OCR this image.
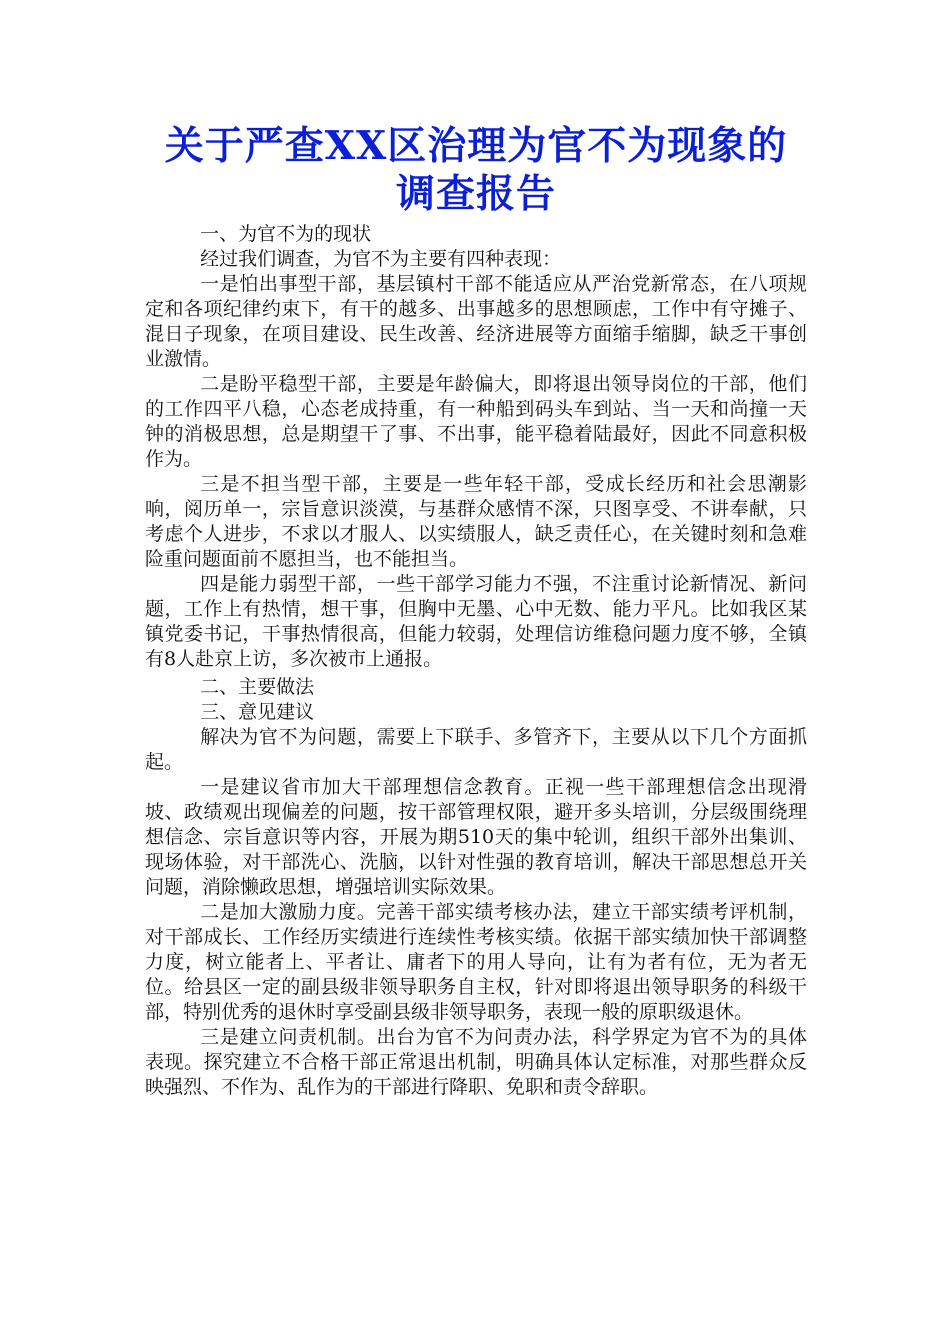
关于严查XX区治理为官不为现象的
调查报告

一、为官不为的现状

经过我们调查，为官不为主要有四种表现：

一是怕出事型干部，基层镇村干部不能适应从严治党新常态，在八项规定和各项纪律约束下，有干的越多、出事越多的思想顾虑，工作中有守摊子、混日子现象，在项目建设、民生改善、经济进展等方面缩手缩脚，缺乏干事创业激情。

二是盼平稳型干部，主要是年龄偏大，即将退出领导岗位的干部，他们的工作四平八稳，心态老成持重，有一种船到码头车到站、当一天和尚撞一天钟的消极思想，总是期望干了事、不出事，能平稳着陆最好，因此不同意积极作为。

三是不担当型干部，主要是一些年轻干部，受成长经历和社会思潮影响，阅历单一，宗旨意识淡漠，与基群众感情不深，只图享受、不讲奉献，只考虑个人进步，不求以才服人、以实绩服人，缺乏责任心，在关键时刻和急难险重问题面前不愿担当，也不能担当。

四是能力弱型干部，一些干部学习能力不强，不注重讨论新情况、新问题，工作上有热情，想干事，但胸中无墨、心中无数、能力平凡。比如我区某镇党委书记，干事热情很高，但能力较弱，处理信访维稳问题力度不够，全镇有8人赴京上访，多次被市上通报。

二、主要做法

三、意见建议

解决为官不为问题，需要上下联手、多管齐下，主要从以下几个方面抓起。

一是建议省市加大干部理想信念教育。正视一些干部理想信念出现滑坡、政绩观出现偏差的问题，按干部管理权限，避开多头培训，分层级围绕理想信念、宗旨意识等内容，开展为期510天的集中轮训，组织干部外出集训、现场体验，对干部洗心、洗脑，以针对性强的教育培训，解决干部思想总开关问题，消除懒政思想，增强培训实际效果。

二是加大激励力度。完善干部实绩考核办法，建立干部实绩考评机制，对干部成长、工作经历实绩进行连续性考核实绩。依据干部实绩加快干部调整力度，树立能者上、平者让、庸者下的用人导向，让有为者有位，无为者无位。给县区一定的副县级非领导职务自主权，针对即将退出领导职务的科级干部，特别优秀的退休时享受副县级非领导职务，表现一般的原职级退休。

三是建立问责机制。出台为官不为问责办法，科学界定为官不为的具体表现。探究建立不合格干部正常退出机制，明确具体认定标准，对那些群众反映强烈、不作为、乱作为的干部进行降职、免职和责令辞职。
